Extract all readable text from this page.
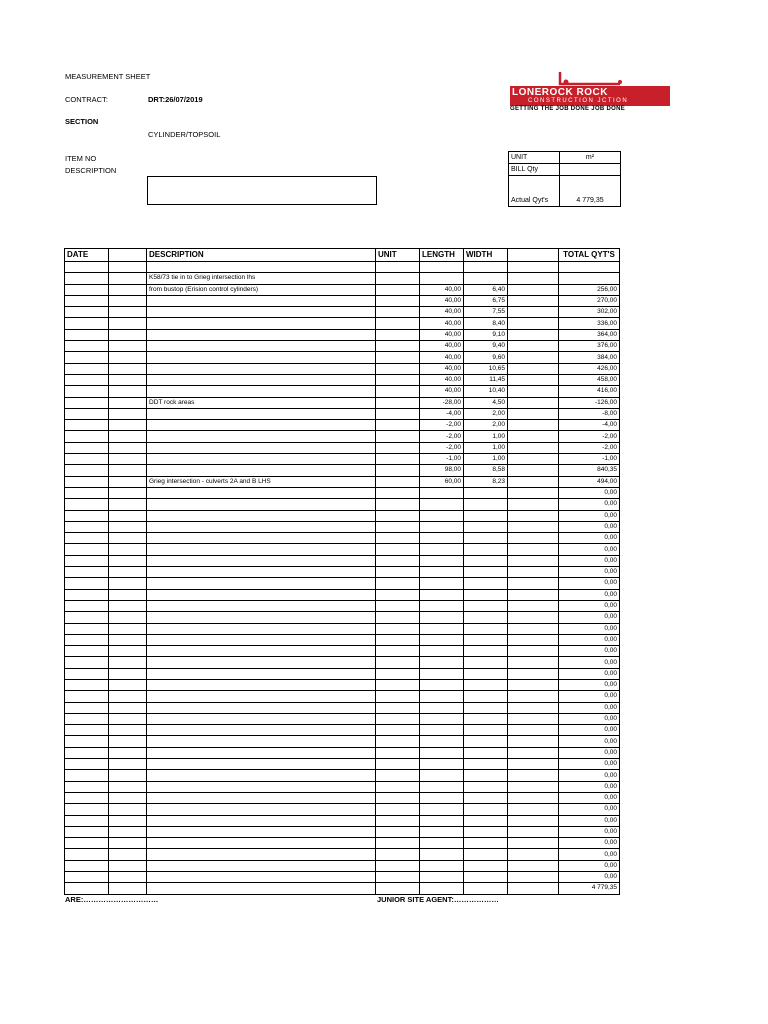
MEASUREMENT SHEET
CONTRACT:	DRT:26/07/2019
SECTION
CYLINDER/TOPSOIL
ITEM NO
DESCRIPTION
LONEROCK ROCK
CONSTRUCTION JCTION
GETTING THE JOB DONE JOB DONE
UNIT	m²
BILL Qty	
Actual Qyt's	4 779,35
DATE		DESCRIPTION	UNIT	LENGTH	WIDTH		TOTAL QYT'S

		K58/73 tie in to Grieg intersection lhs					
		from bustop (Erision control cylinders)		40,00	6,40		256,00
				40,00	6,75		270,00
				40,00	7,55		302,00
				40,00	8,40		336,00
				40,00	9,10		364,00
				40,00	9,40		376,00
				40,00	9,60		384,00
				40,00	10,65		426,00
				40,00	11,45		458,00
				40,00	10,40		416,00
		DDT rock areas		-28,00	4,50		-126,00
				-4,00	2,00		-8,00
				-2,00	2,00		-4,00
				-2,00	1,00		-2,00
				-2,00	1,00		-2,00
				-1,00	1,00		-1,00
				98,00	8,58		840,35
		Grieg intersection - culverts 2A and B LHS		60,00	8,23		494,00
							0,00
							0,00
							0,00
							0,00
							0,00
							0,00
							0,00
							0,00
							0,00
							0,00
							0,00
							0,00
							0,00
							0,00
							0,00
							0,00
							0,00
							0,00
							0,00
							0,00
							0,00
							0,00
							0,00
							0,00
							0,00
							0,00
							0,00
							0,00
							0,00
							0,00
							0,00
							0,00
							0,00
							0,00
							0,00
							4 779,35
ARE:…………………………	JUNIOR SITE AGENT:………………
